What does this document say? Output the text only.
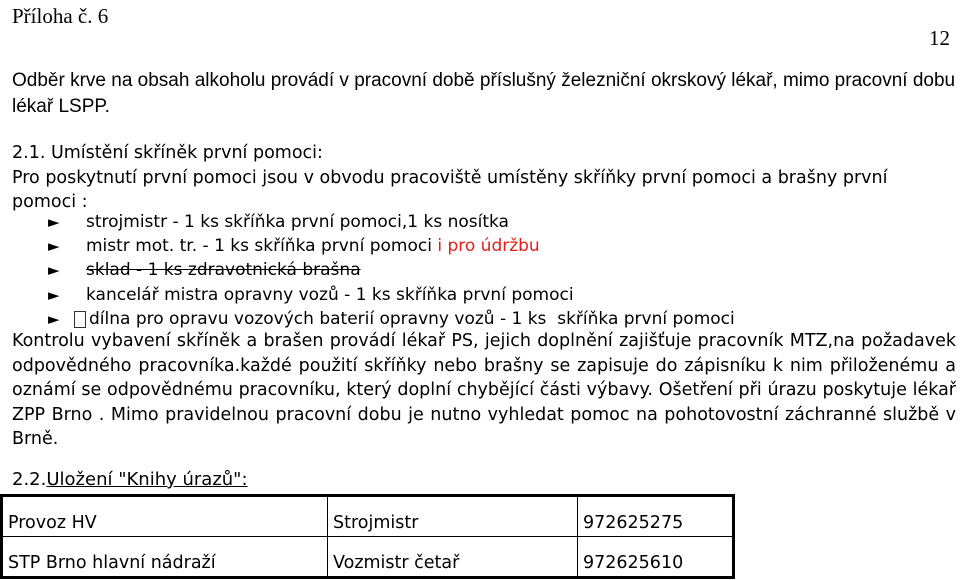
Příloha č. 6
12
Odběr krve na obsah alkoholu provádí v pracovní době příslušný železniční okrskový lékař, mimo pracovní dobu lékař LSPP.
2.1. Umístění skříněk první pomoci:
Pro poskytnutí první pomoci jsou v obvodu pracoviště umístěny skříňky první pomoci a brašny první pomoci :
►	strojmistr - 1 ks skříňka první pomoci,1 ks nosítka
►	mistr mot. tr. - 1 ks skříňka první pomoci i pro údržbu
►	sklad - 1 ks zdravotnická brašna
►	kancelář mistra opravny vozů - 1 ks skříňka první pomoci
►	dílna pro opravu vozových baterií opravny vozů - 1 ks  skříňka první pomoci
Kontrolu vybavení skříněk a brašen provádí lékař PS, jejich doplnění zajišťuje pracovník MTZ,na požadavek odpovědného pracovníka.každé použití skříňky nebo brašny se zapisuje do zápisníku k nim přiloženému a oznámí se odpovědnému pracovníku, který doplní chybějící části výbavy. Ošetření při úrazu poskytuje lékař ZPP Brno . Mimo pravidelnou pracovní dobu je nutno vyhledat pomoc na pohotovostní záchranné službě v Brně.
2.2.Uložení "Knihy úrazů":
Provoz HV	Strojmistr	972625275
STP Brno hlavní nádraží	Vozmistr četař	972625610
